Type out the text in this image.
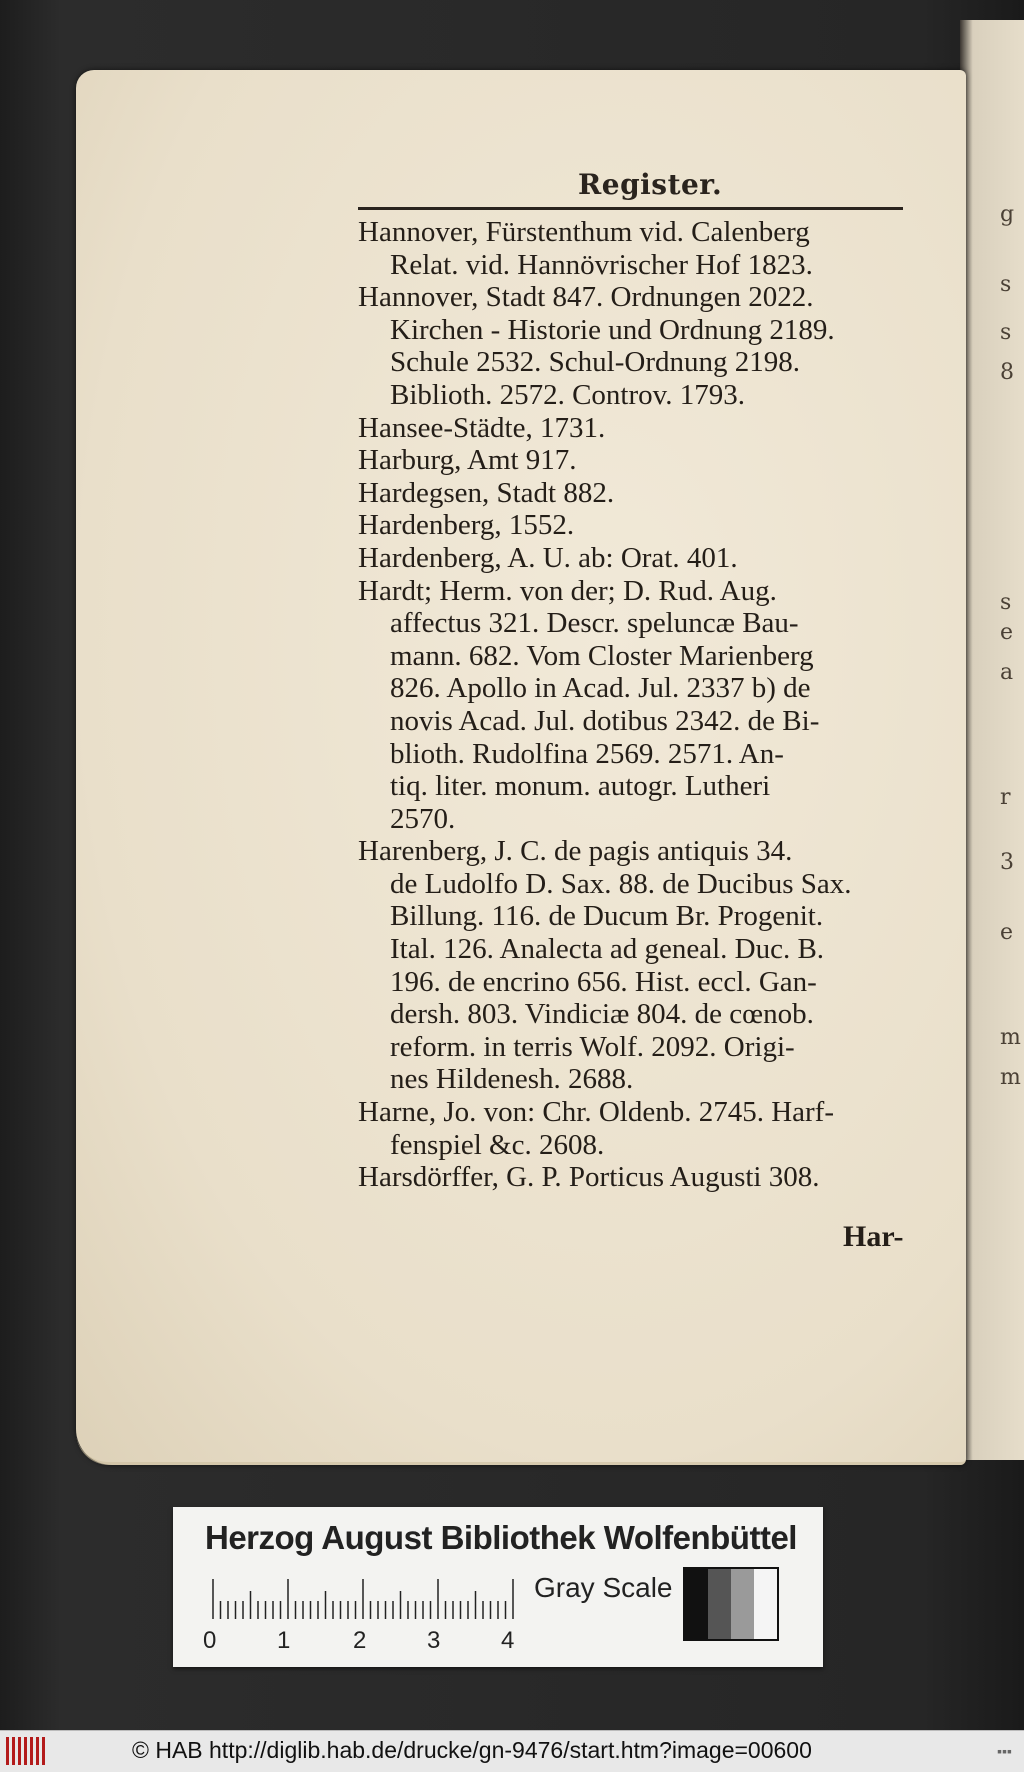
g
s
s
8
s
e
a
r
3
e
m
m
Register.
Hannover, Fürstenthum vid. Calenberg
Relat. vid. Hannövrischer Hof 1823.
Hannover, Stadt 847. Ordnungen 2022.
Kirchen - Historie und Ordnung 2189.
Schule 2532. Schul-Ordnung 2198.
Biblioth. 2572. Controv. 1793.
Hansee-Städte, 1731.
Harburg, Amt 917.
Hardegsen, Stadt 882.
Hardenberg, 1552.
Hardenberg, A. U. ab: Orat. 401.
Hardt; Herm. von der; D. Rud. Aug.
affectus 321. Descr. speluncæ Bau-
mann. 682. Vom Closter Marienberg
826. Apollo in Acad. Jul. 2337 b) de
novis Acad. Jul. dotibus 2342. de Bi-
blioth. Rudolfina 2569. 2571. An-
tiq. liter. monum. autogr. Lutheri
2570.
Harenberg, J. C. de pagis antiquis 34.
de Ludolfo D. Sax. 88. de Ducibus Sax.
Billung. 116. de Ducum Br. Progenit.
Ital. 126. Analecta ad geneal. Duc. B.
196. de encrino 656. Hist. eccl. Gan-
dersh. 803. Vindiciæ 804. de cœnob.
reform. in terris Wolf. 2092. Origi-
nes Hildenesh. 2688.
Harne, Jo. von: Chr. Oldenb. 2745. Harf-
fenspiel &c. 2608.
Harsdörffer, G. P. Porticus Augusti 308.
Har-
Herzog August Bibliothek Wolfenbüttel
0	1	2	3	4
Gray Scale
© HAB http://diglib.hab.de/drucke/gn-9476/start.htm?image=00600	▪▪▪
